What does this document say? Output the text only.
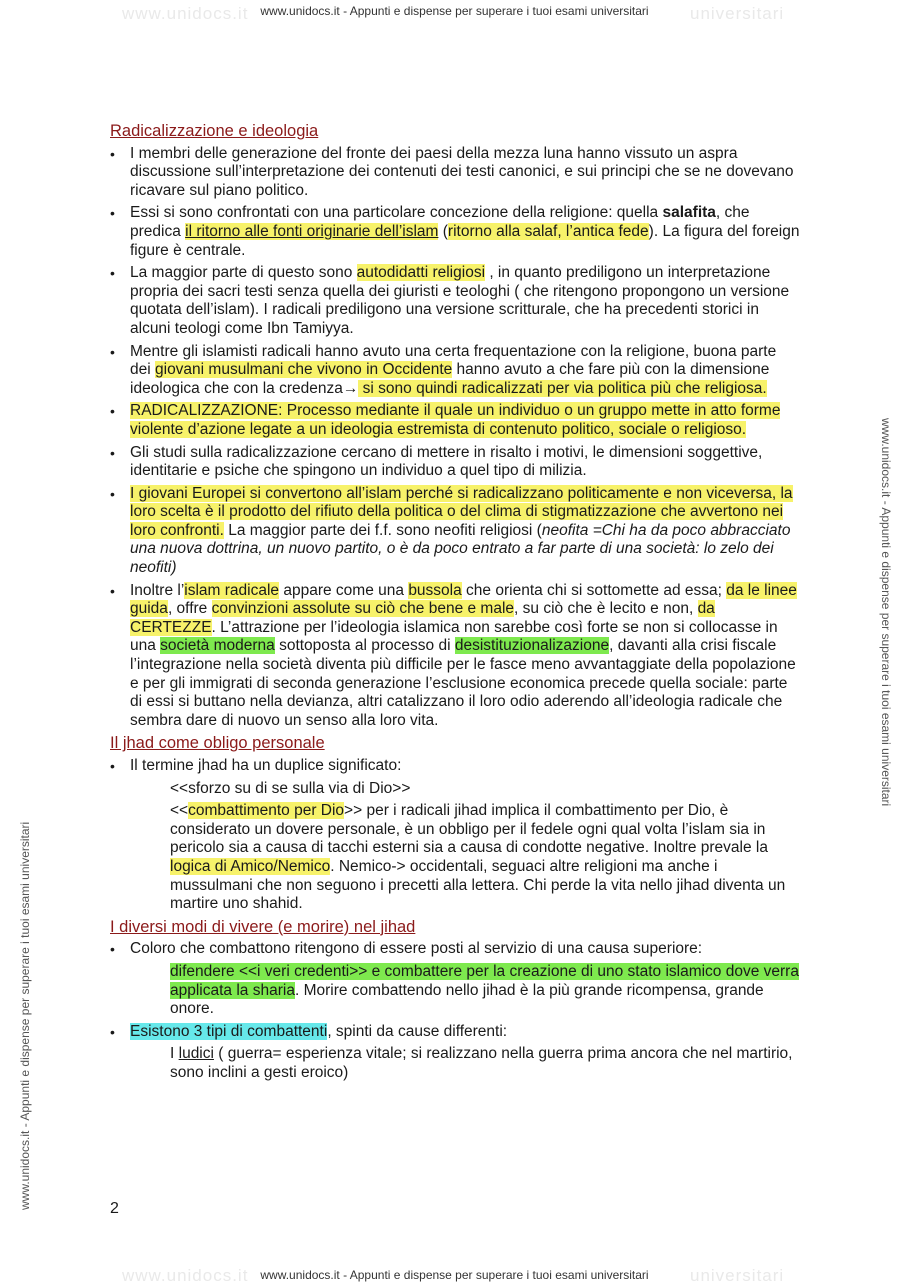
www.unidocs.it	universitari
www.unidocs.it - Appunti e dispense per superare i tuoi esami universitari
www.unidocs.it	universitari
www.unidocs.it - Appunti e dispense per superare i tuoi esami universitari
www.unidocs.it - Appunti e dispense per superare i tuoi esami universitari
www.unidocs.it - Appunti e dispense per superare i tuoi esami universitari
Radicalizzazione e ideologia
• I membri delle generazione del fronte dei paesi della mezza luna hanno vissuto un aspra discussione sull’interpretazione dei contenuti dei testi canonici, e sui principi che se ne dovevano ricavare sul piano politico.
• Essi si sono confrontati con una particolare concezione della religione: quella salafita, che predica il ritorno alle fonti originarie dell’islam (ritorno alla salaf, l’antica fede). La figura del foreign figure è centrale.
• La maggior parte di questo sono autodidatti religiosi , in quanto prediligono un interpretazione propria dei sacri testi senza quella dei giuristi e teologhi ( che ritengono propongono un versione quotata dell’islam). I radicali prediligono una versione scritturale, che ha precedenti storici in alcuni teologi come Ibn Tamiyya.
• Mentre gli islamisti radicali hanno avuto una certa frequentazione con la religione, buona parte dei giovani musulmani che vivono in Occidente hanno avuto a che fare più con la dimensione ideologica che con la credenza→ si sono quindi radicalizzati per via politica più che religiosa.
• RADICALIZZAZIONE: Processo mediante il quale un individuo o un gruppo mette in atto forme violente d’azione legate a un ideologia estremista di contenuto politico, sociale o religioso.
• Gli studi sulla radicalizzazione cercano di mettere in risalto i motivi, le dimensioni soggettive, identitarie e psiche che spingono un individuo a quel tipo di milizia.
• I giovani Europei si convertono all’islam perché si radicalizzano politicamente e non viceversa, la loro scelta è il prodotto del rifiuto della politica o del clima di stigmatizzazione che avvertono nei loro confronti. La maggior parte dei f.f. sono neofiti religiosi (neofita =Chi ha da poco abbracciato una nuova dottrina, un nuovo partito, o è da poco entrato a far parte di una società: lo zelo dei neofiti)
• Inoltre l’islam radicale appare come una bussola che orienta chi si sottomette ad essa; da le linee guida, offre convinzioni assolute su ciò che bene e male, su ciò che è lecito e non, da CERTEZZE. L’attrazione per l’ideologia islamica non sarebbe così forte se non si collocasse in una società moderna sottoposta al processo di desistituzionalizazione, davanti alla crisi fiscale l’integrazione nella società diventa più difficile per le fasce meno avvantaggiate della popolazione e per gli immigrati di seconda generazione l’esclusione economica precede quella sociale: parte di essi si buttano nella devianza, altri catalizzano il loro odio aderendo all’ideologia radicale che sembra dare di nuovo un senso alla loro vita.
Il jhad come obligo personale
• Il termine jhad ha un duplice significato:
<<sforzo su di se sulla via di Dio>>
<<combattimento per Dio>> per i radicali jihad implica il combattimento per Dio, è considerato un dovere personale, è un obbligo per il fedele ogni qual volta l’islam sia in pericolo sia a causa di tacchi esterni sia a causa di condotte negative. Inoltre prevale la logica di Amico/Nemico. Nemico-> occidentali, seguaci altre religioni ma anche i mussulmani che non seguono i precetti alla lettera. Chi perde la vita nello jihad diventa un martire uno shahid.
I diversi modi di vivere (e morire) nel jihad
• Coloro che combattono ritengono di essere posti al servizio di una causa superiore:
difendere <<i veri credenti>> e combattere per la creazione di uno stato islamico dove verra applicata la sharia. Morire combattendo nello jihad è la più grande ricompensa, grande onore.
• Esistono 3 tipi di combattenti, spinti da cause differenti:
I ludici ( guerra= esperienza vitale; si realizzano nella guerra prima ancora che nel martirio, sono inclini a gesti eroico)
2
